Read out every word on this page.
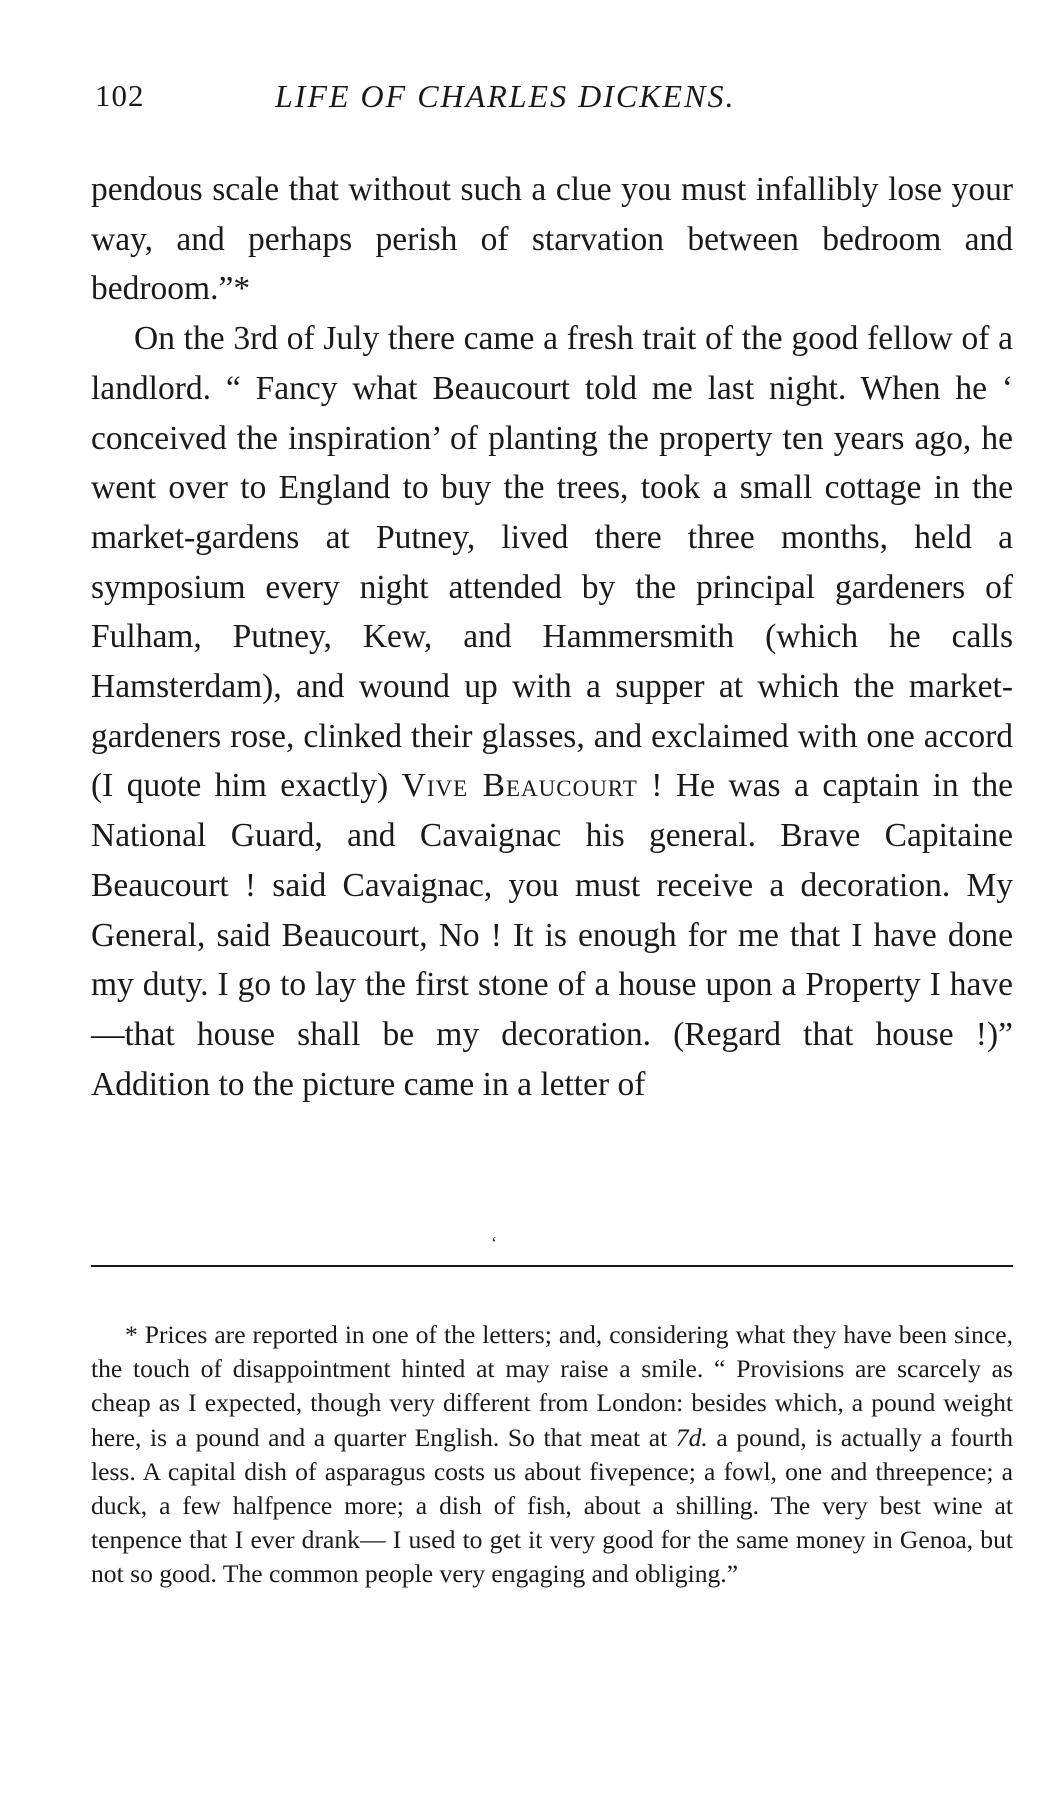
102	LIFE OF CHARLES DICKENS.

pendous scale that without such a clue you must infallibly lose your way, and perhaps perish of starvation between bedroom and bedroom.”*

On the 3rd of July there came a fresh trait of the good fellow of a landlord. “ Fancy what Beaucourt told me last night. When he ‘ conceived the inspiration’ of planting the property ten years ago, he went over to England to buy the trees, took a small cottage in the market-gardens at Putney, lived there three months, held a symposium every night attended by the principal gardeners of Fulham, Putney, Kew, and Hammersmith (which he calls Hamsterdam), and wound up with a supper at which the market-gardeners rose, clinked their glasses, and exclaimed with one accord (I quote him exactly) Vive Beaucourt ! He was a captain in the National Guard, and Cavaignac his general. Brave Capitaine Beaucourt ! said Cavaignac, you must receive a decoration. My General, said Beaucourt, No ! It is enough for me that I have done my duty. I go to lay the first stone of a house upon a Property I have —that house shall be my decoration. (Regard that house !)” Addition to the picture came in a letter of

‘

* Prices are reported in one of the letters; and, considering what they have been since, the touch of disappointment hinted at may raise a smile. “ Provisions are scarcely as cheap as I expected, though very different from London: besides which, a pound weight here, is a pound and a quarter English. So that meat at 7d. a pound, is actually a fourth less. A capital dish of asparagus costs us about fivepence; a fowl, one and threepence; a duck, a few halfpence more; a dish of fish, about a shilling. The very best wine at tenpence that I ever drank— I used to get it very good for the same money in Genoa, but not so good. The common people very engaging and obliging.”
